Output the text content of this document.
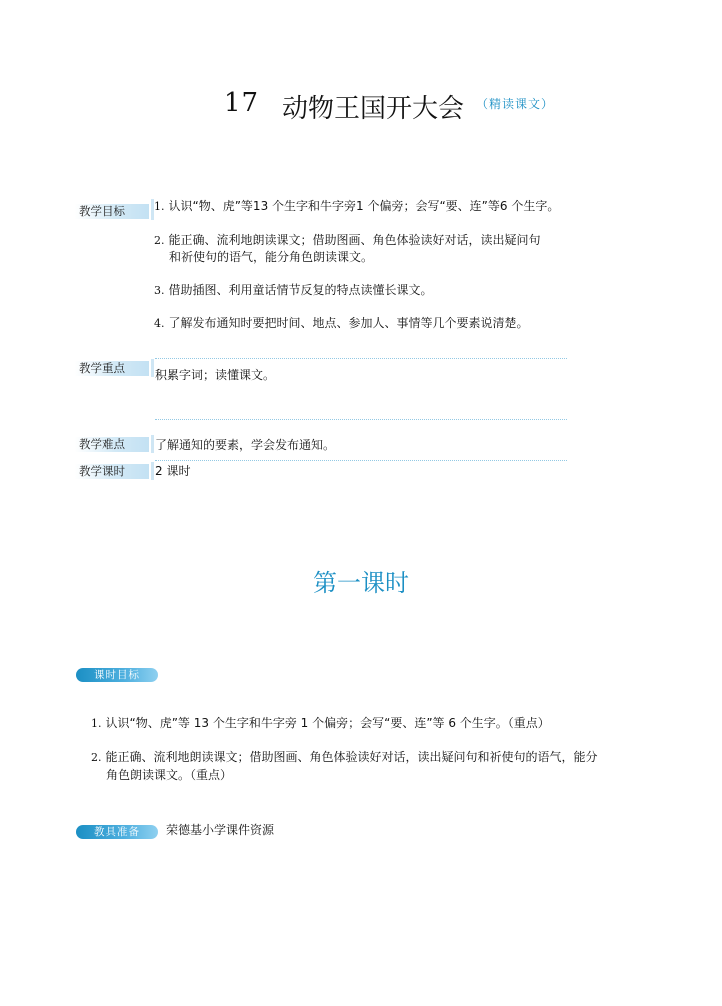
17 动物王国开大会 （精读课文）
教学目标	1. 认识“物、虎”等13 个生字和牛字旁1 个偏旁；会写“要、连”等6 个生字。
2. 能正确、流利地朗读课文；借助图画、角色体验读好对话，读出疑问句
和祈使句的语气，能分角色朗读课文。
3. 借助插图、利用童话情节反复的特点读懂长课文。
4. 了解发布通知时要把时间、地点、参加人、事情等几个要素说清楚。
教学重点	积累字词；读懂课文。
教学难点	了解通知的要素，学会发布通知。
教学课时	2 课时
第一课时
课时目标
1. 认识“物、虎”等 13 个生字和牛字旁 1 个偏旁；会写“要、连”等 6 个生字。（重点）
2. 能正确、流利地朗读课文；借助图画、角色体验读好对话，读出疑问句和祈使句的语气，能分
角色朗读课文。（重点）
教具准备	荣德基小学课件资源
